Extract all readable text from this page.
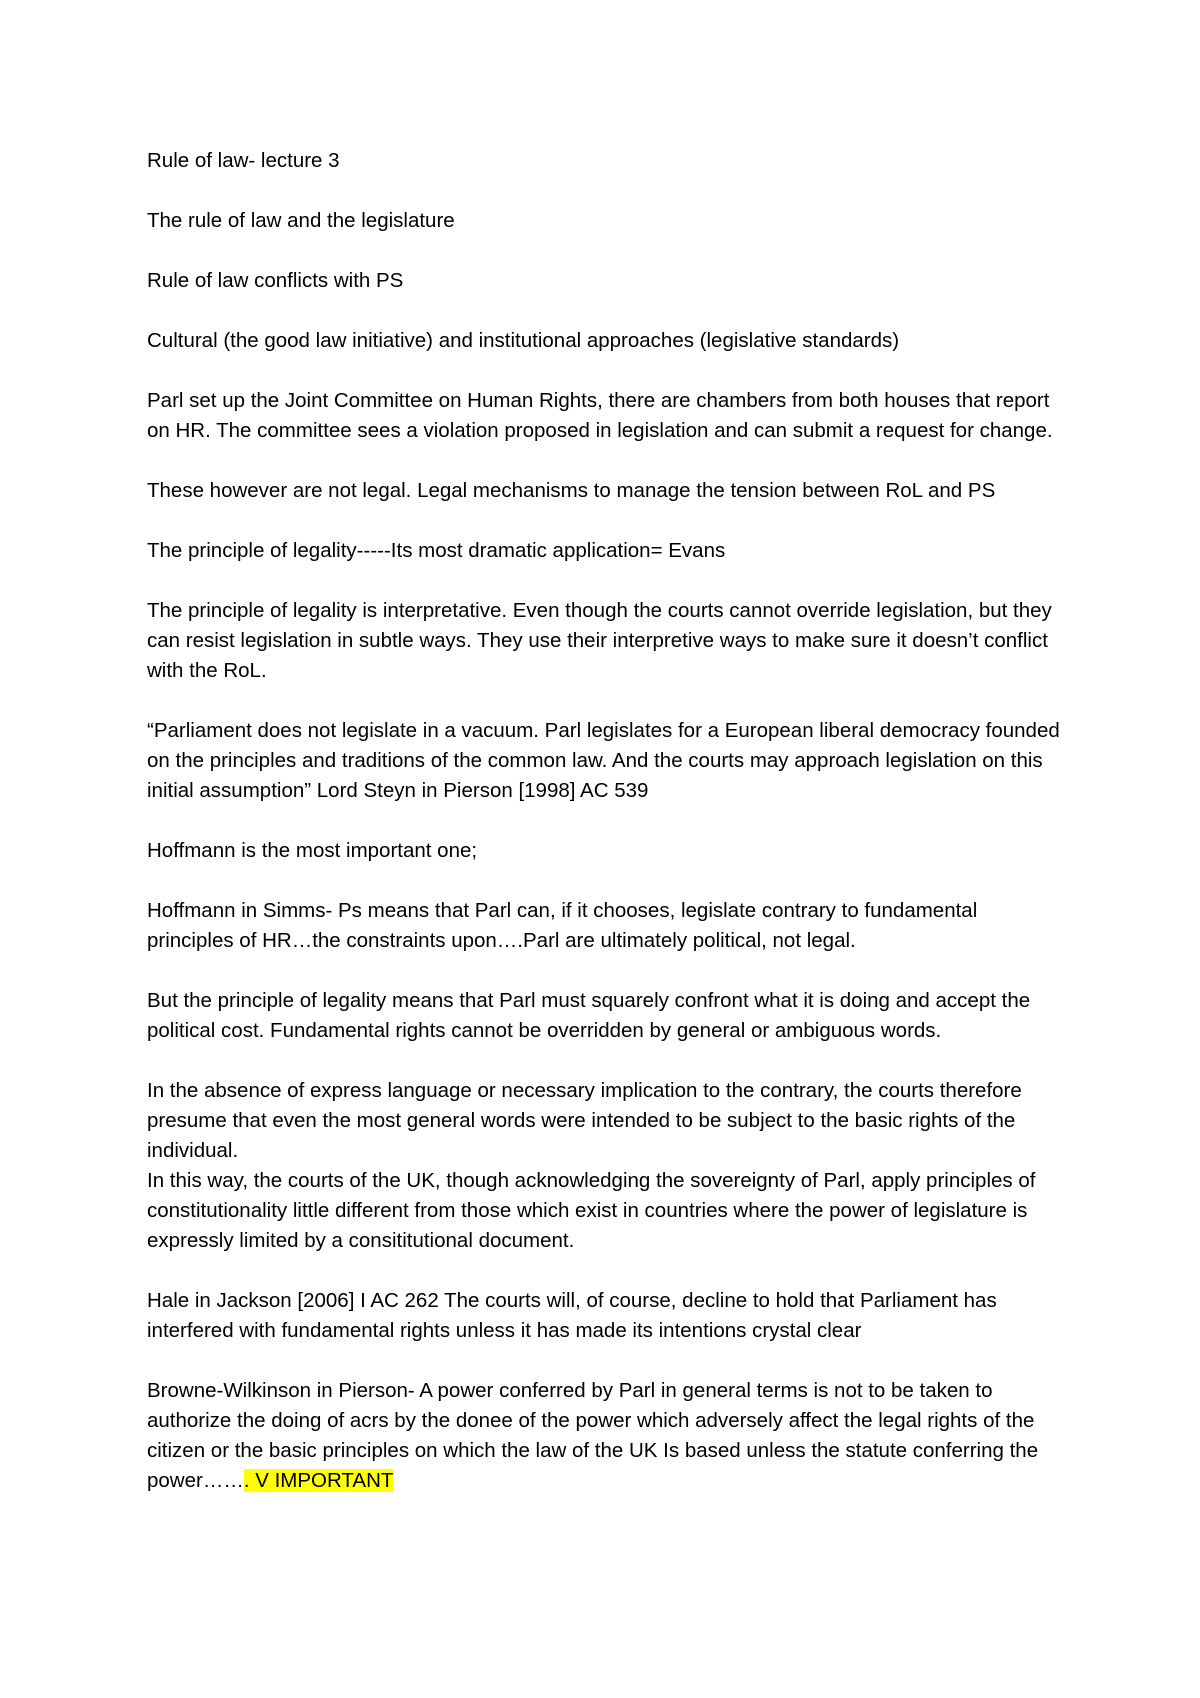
Rule of law- lecture 3

The rule of law and the legislature

Rule of law conflicts with PS

Cultural (the good law initiative) and institutional approaches (legislative standards)

Parl set up the Joint Committee on Human Rights, there are chambers from both houses that report on HR. The committee sees a violation proposed in legislation and can submit a request for change.

These however are not legal. Legal mechanisms to manage the tension between RoL and PS

The principle of legality-----Its most dramatic application= Evans

The principle of legality is interpretative. Even though the courts cannot override legislation, but they can resist legislation in subtle ways. They use their interpretive ways to make sure it doesn’t conflict with the RoL.

“Parliament does not legislate in a vacuum. Parl legislates for a European liberal democracy founded on the principles and traditions of the common law. And the courts may approach legislation on this initial assumption” Lord Steyn in Pierson [1998] AC 539

Hoffmann is the most important one;

Hoffmann in Simms- Ps means that Parl can, if it chooses, legislate contrary to fundamental principles of HR…the constraints upon….Parl are ultimately political, not legal.

But the principle of legality means that Parl must squarely confront what it is doing and accept the political cost. Fundamental rights cannot be overridden by general or ambiguous words.

In the absence of express language or necessary implication to the contrary, the courts therefore presume that even the most general words were intended to be subject to the basic rights of the individual.

In this way, the courts of the UK, though acknowledging the sovereignty of Parl, apply principles of constitutionality little different from those which exist in countries where the power of legislature is expressly limited by a consititutional document.

Hale in Jackson [2006] I AC 262 The courts will, of course, decline to hold that Parliament has interfered with fundamental rights unless it has made its intentions crystal clear

Browne-Wilkinson in Pierson- A power conferred by Parl in general terms is not to be taken to authorize the doing of acrs by the donee of the power which adversely affect the legal rights of the citizen or the basic principles on which the law of the UK Is based unless the statute conferring the power……. V IMPORTANT
